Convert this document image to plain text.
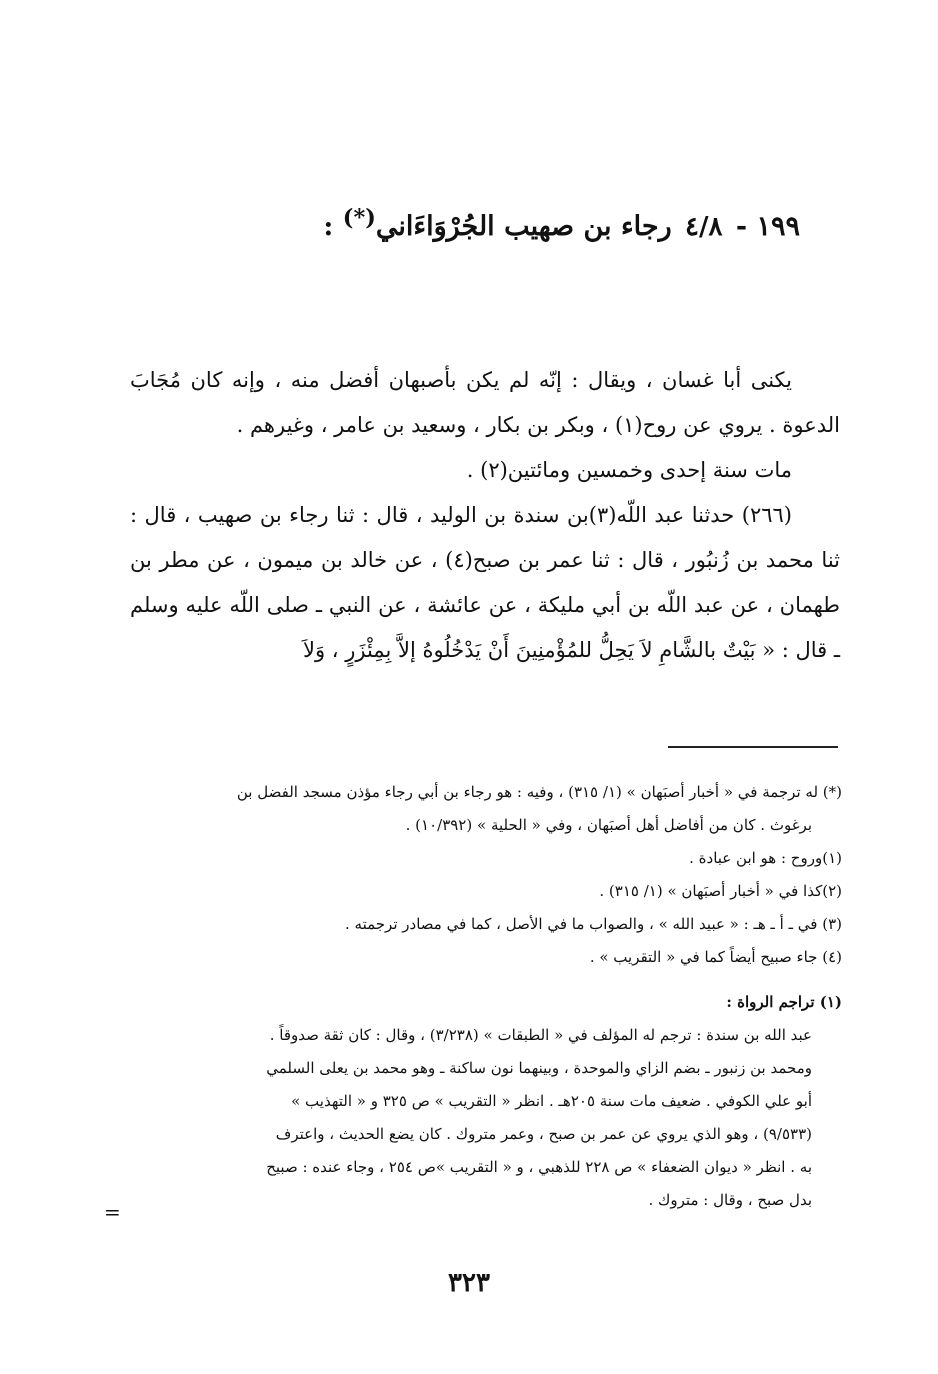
١٩٩ - ٤/٨ رجاء بن صهيب الجُرْوَاءَاني(*) :

يكنى أبا غسان ، ويقال : إنّه لم يكن بأصبهان أفضل منه ، وإنه كان مُجَابَ الدعوة . يروي عن روح(١) ، وبكر بن بكار ، وسعيد بن عامر ، وغيرهم .

مات سنة إحدى وخمسين ومائتين(٢) .

(٢٦٦) حدثنا عبد اللّه(٣)بن سندة بن الوليد ، قال : ثنا رجاء بن صهيب ، قال : ثنا محمد بن زُنبُور ، قال : ثنا عمر بن صبح(٤) ، عن خالد بن ميمون ، عن مطر بن طهمان ، عن عبد اللّه بن أبي مليكة ، عن عائشة ، عن النبي ـ صلى اللّه عليه وسلم ـ قال : « بَيْتٌ بالشَّامِ لاَ يَحِلُّ للمُؤْمنِينَ أَنْ يَدْخُلُوهُ إلاَّ بِمِئْزَرٍ ، وَلاَ

(*) له ترجمة في « أخبار أصبَهان » (١/ ٣١٥) ، وفيه : هو رجاء بن أبي رجاء مؤذن مسجد الفضل بن

برغوث . كان من أفاضل أهل أصبَهان ، وفي « الحلية » (١٠/٣٩٢) .

(١)وروح : هو ابن عبادة .

(٢)كذا في « أخبار أصبَهان » (١/ ٣١٥) .

(٣) في ـ أ ـ هـ : « عبيد الله » ، والصواب ما في الأصل ، كما في مصادر ترجمته .

(٤) جاء صبيح أيضاً كما في « التقريب » .

(١) تراجم الرواة :

عبد الله بن سندة : ترجم له المؤلف في « الطبقات » (٣/٢٣٨) ، وقال : كان ثقة صدوقاً .

ومحمد بن زنبور ـ بضم الزاي والموحدة ، وبينهما نون ساكنة ـ وهو محمد بن يعلى السلمي

أبو علي الكوفي . ضعيف مات سنة ٢٠٥هـ . انظر « التقريب » ص ٣٢٥ و « التهذيب »

(٩/٥٣٣) ، وهو الذي يروي عن عمر بن صبح ، وعمر متروك . كان يضع الحديث ، واعترف

به . انظر « ديوان الضعفاء » ص ٢٢٨ للذهبي ، و « التقريب »ص ٢٥٤ ، وجاء عنده : صبيح

بدل صبح ، وقال : متروك .

=
٣٢٣
